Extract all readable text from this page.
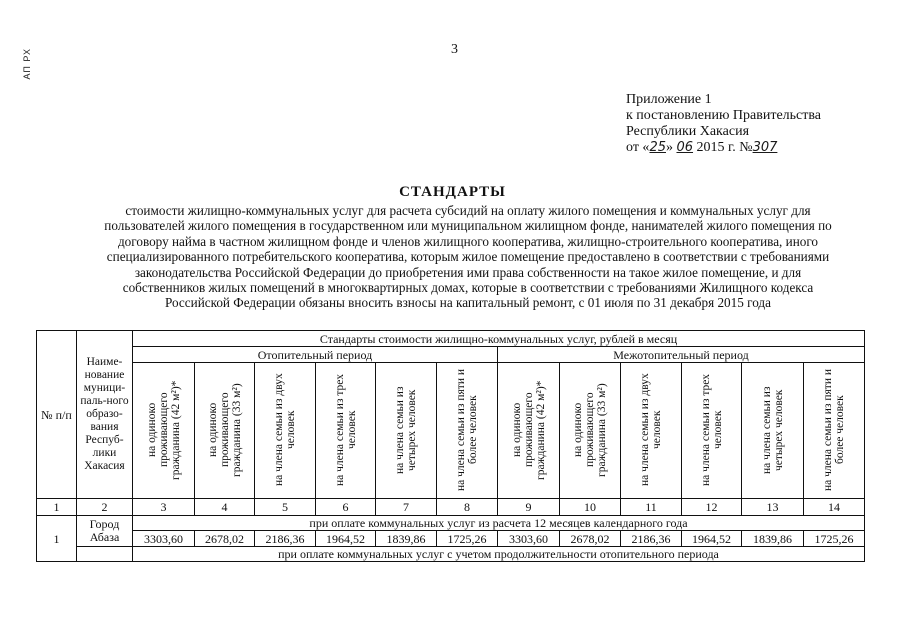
АП РХ	3
Приложение 1
к постановлению Правительства
Республики Хакасия
от «25» 06 2015 г. №307
СТАНДАРТЫ
стоимости жилищно-коммунальных услуг для расчета субсидий на оплату жилого помещения и коммунальных услуг для
пользователей жилого помещения в государственном или муниципальном жилищном фонде, нанимателей жилого помещения по
договору найма в частном жилищном фонде и членов жилищного кооператива, жилищно-строительного кооператива, иного
специализированного потребительского кооператива, которым жилое помещение предоставлено в соответствии с требованиями
законодательства Российской Федерации до приобретения ими права собственности на такое жилое помещение, и для
собственников жилых помещений в многоквартирных домах, которые в соответствии с требованиями Жилищного кодекса
Российской Федерации обязаны вносить взносы на капитальный ремонт, с 01 июля по 31 декабря 2015 года
№ п/п	Наиме-нование муници-паль-ного образо-вания Респуб-лики Хакасия	Стандарты стоимости жилищно-коммунальных услуг, рублей в месяц											
		Отопительный период						Межотопительный период					
		на одиноко проживающего гражданина (42 м²)*	на одиноко проживающего гражданина (33 м²)	на члена семьи из двух человек	на члена семьи из трех человек	на члена семьи из четырех человек	на члена семьи из пяти и более человек	на одиноко проживающего гражданина (42 м²)*	на одиноко проживающего гражданина (33 м²)	на члена семьи из двух человек	на члена семьи из трех человек	на члена семьи из четырех человек	на члена семьи из пяти и более человек
1	2	3	4	5	6	7	8	9	10	11	12	13	14
1	Город Абаза	при оплате коммунальных услуг из расчета 12 месяцев календарного года											
		3303,60	2678,02	2186,36	1964,52	1839,86	1725,26	3303,60	2678,02	2186,36	1964,52	1839,86	1725,26
		при оплате коммунальных услуг с учетом продолжительности отопительного периода											
